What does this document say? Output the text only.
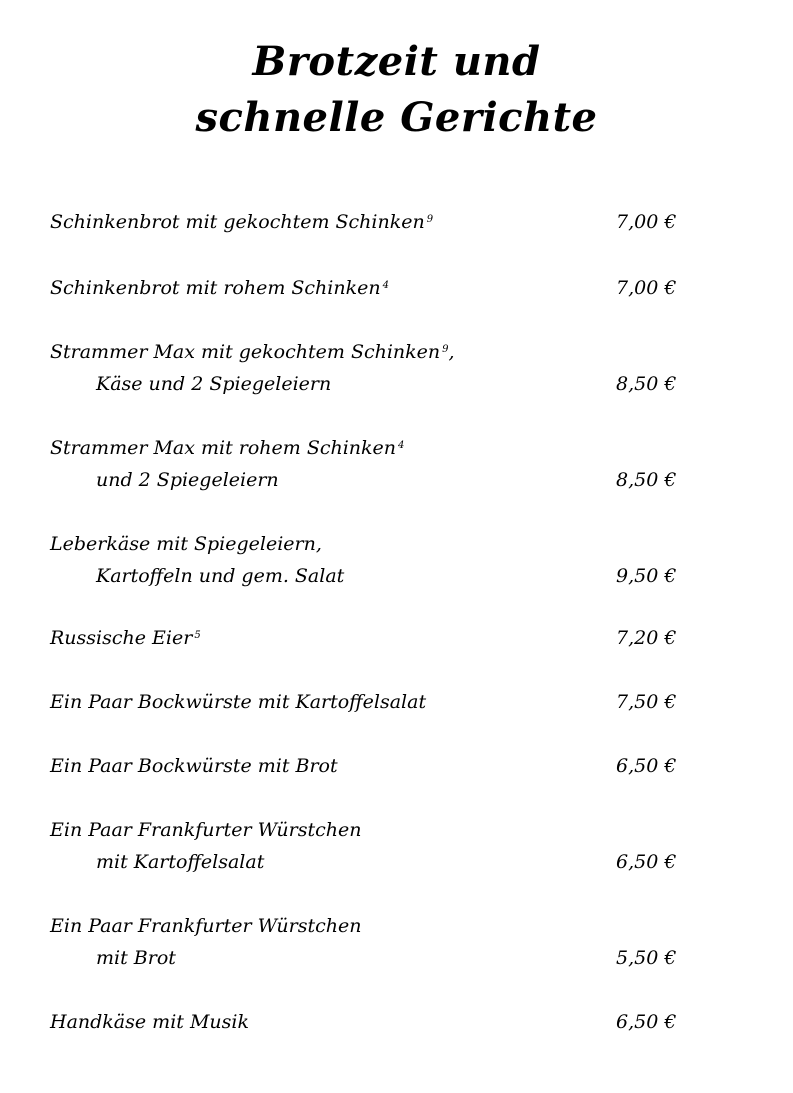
Brotzeit und
schnelle Gerichte
Schinkenbrot mit gekochtem Schinken $^9$	7,00 €
Schinkenbrot mit rohem Schinken $^4$	7,00 €
Strammer Max mit gekochtem Schinken $^9$,
Käse und 2 Spiegeleiern	8,50 €
Strammer Max mit rohem Schinken $^4$
und 2 Spiegeleiern	8,50 €
Leberkäse mit Spiegeleiern,
Kartoffeln und gem. Salat	9,50 €
Russische Eier $^5$	7,20 €
Ein Paar Bockwürste mit Kartoffelsalat	7,50 €
Ein Paar Bockwürste mit Brot	6,50 €
Ein Paar Frankfurter Würstchen
mit Kartoffelsalat	6,50 €
Ein Paar Frankfurter Würstchen
mit Brot	5,50 €
Handkäse mit Musik	6,50 €
